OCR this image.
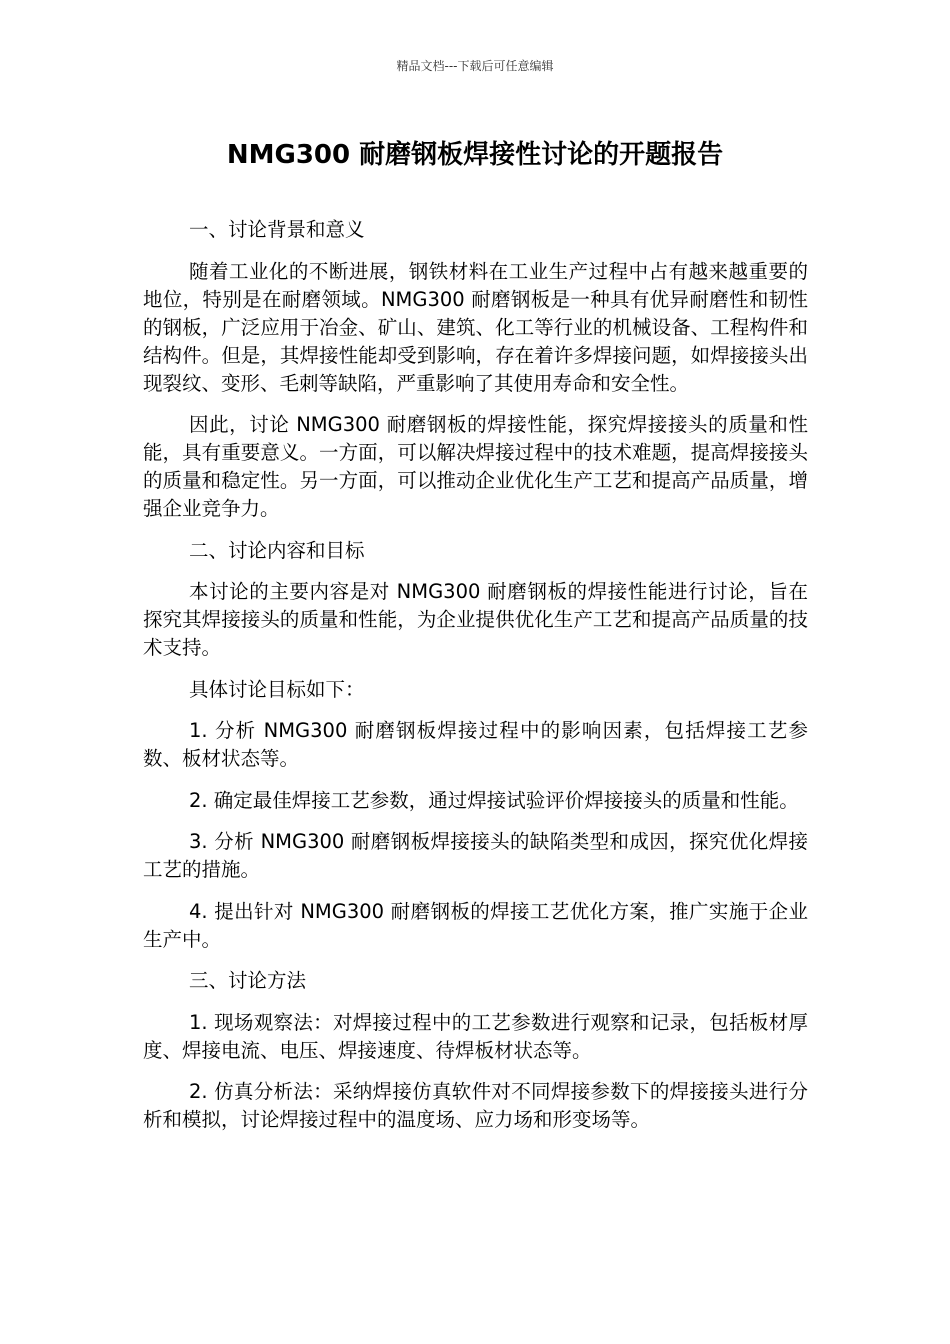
精品文档---下载后可任意编辑
NMG300 耐磨钢板焊接性讨论的开题报告

一、讨论背景和意义

随着工业化的不断进展，钢铁材料在工业生产过程中占有越来越重要的地位，特别是在耐磨领域。NMG300 耐磨钢板是一种具有优异耐磨性和韧性的钢板，广泛应用于冶金、矿山、建筑、化工等行业的机械设备、工程构件和结构件。但是，其焊接性能却受到影响，存在着许多焊接问题，如焊接接头出现裂纹、变形、毛刺等缺陷，严重影响了其使用寿命和安全性。

因此，讨论 NMG300 耐磨钢板的焊接性能，探究焊接接头的质量和性能，具有重要意义。一方面，可以解决焊接过程中的技术难题，提高焊接接头的质量和稳定性。另一方面，可以推动企业优化生产工艺和提高产品质量，增强企业竞争力。

二、讨论内容和目标

本讨论的主要内容是对 NMG300 耐磨钢板的焊接性能进行讨论，旨在探究其焊接接头的质量和性能，为企业提供优化生产工艺和提高产品质量的技术支持。

具体讨论目标如下：

1. 分析 NMG300 耐磨钢板焊接过程中的影响因素，包括焊接工艺参数、板材状态等。

2. 确定最佳焊接工艺参数，通过焊接试验评价焊接接头的质量和性能。

3. 分析 NMG300 耐磨钢板焊接接头的缺陷类型和成因，探究优化焊接工艺的措施。

4. 提出针对 NMG300 耐磨钢板的焊接工艺优化方案，推广实施于企业生产中。

三、讨论方法

1. 现场观察法：对焊接过程中的工艺参数进行观察和记录，包括板材厚度、焊接电流、电压、焊接速度、待焊板材状态等。

2. 仿真分析法：采纳焊接仿真软件对不同焊接参数下的焊接接头进行分析和模拟，讨论焊接过程中的温度场、应力场和形变场等。
